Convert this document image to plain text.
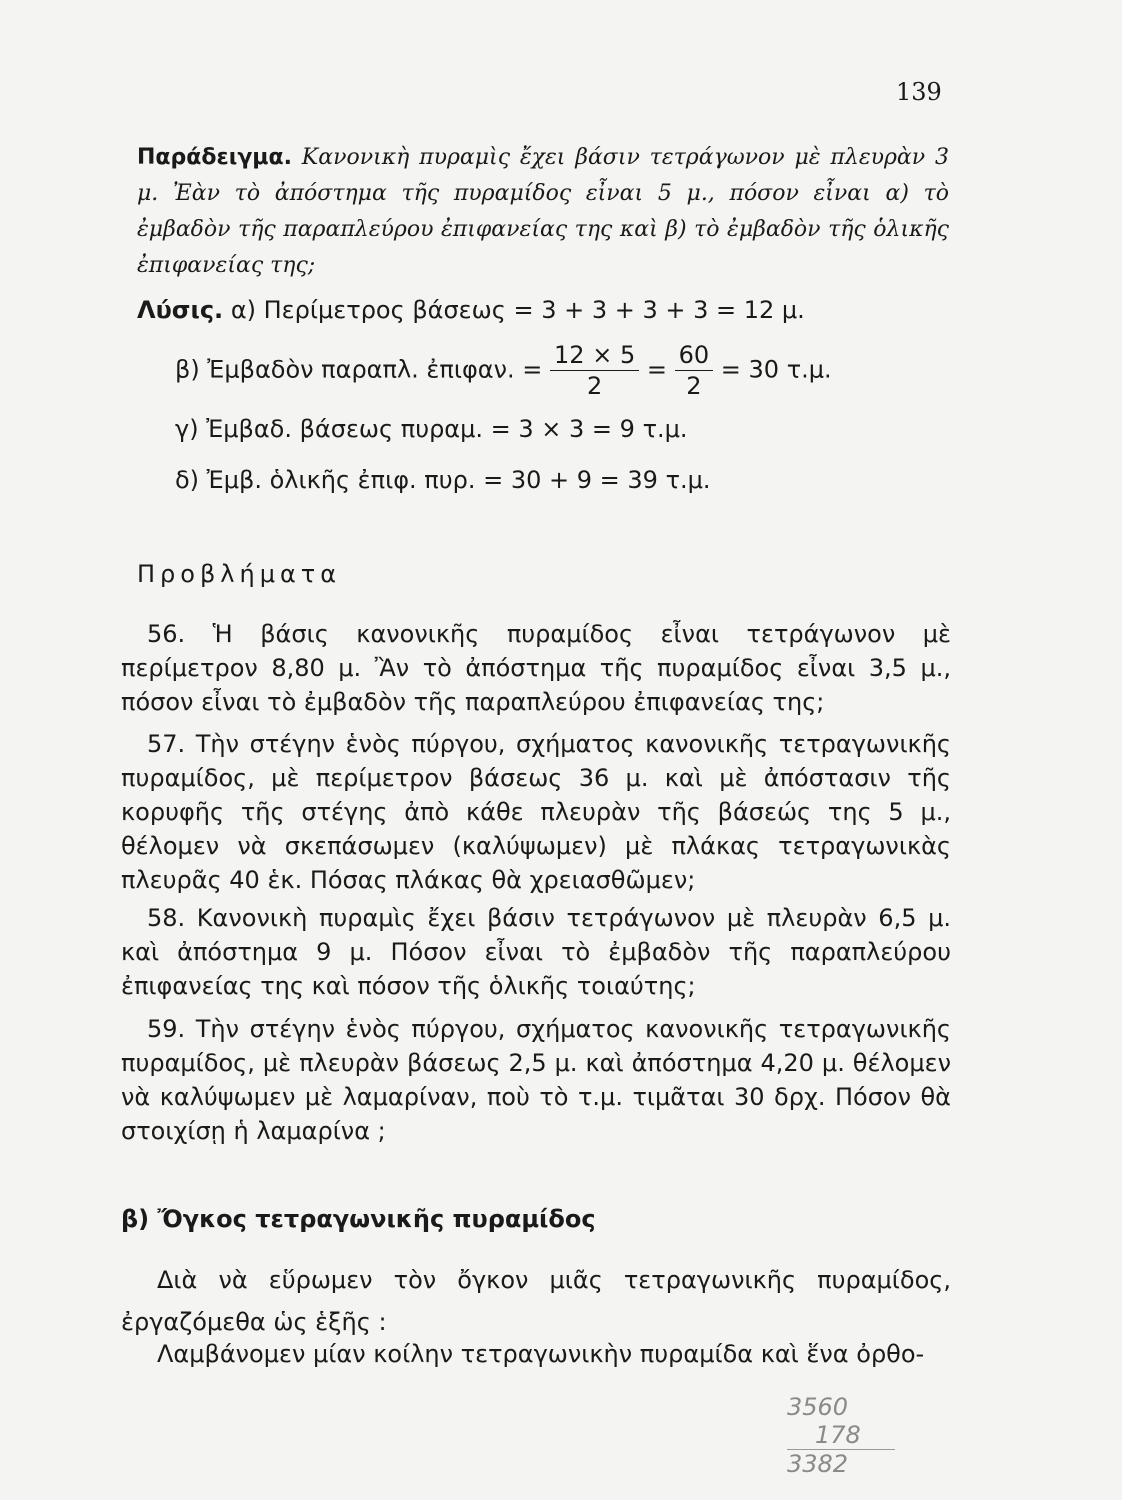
139
Παράδειγμα. Κανονικὴ πυραμὶς ἔχει βάσιν τετράγωνον μὲ πλευρὰν 3 μ. Ἐὰν τὸ ἀπόστημα τῆς πυραμίδος εἶναι 5 μ., πόσον εἶναι α) τὸ ἐμβαδὸν τῆς παραπλεύρου ἐπιφανείας της καὶ β) τὸ ἐμβαδὸν τῆς ὁλικῆς ἐπιφανείας της;
Λύσις. α) Περίμετρος βάσεως = 3 + 3 + 3 + 3 = 12 μ.
β) Ἐμβαδὸν παραπλ. ἐπιφαν. = $\frac{12 \times 5}{2} = \frac{60}{2} = 30$ τ.μ.
γ) Ἐμβαδ. βάσεως πυραμ. = 3 × 3 = 9 τ.μ.
δ) Ἐμβ. ὁλικῆς ἐπιφ. πυρ. = 30 + 9 = 39 τ.μ.
Προβλήματα
56. Ἡ βάσις κανονικῆς πυραμίδος εἶναι τετράγωνον μὲ περίμετρον 8,80 μ. Ἂν τὸ ἀπόστημα τῆς πυραμίδος εἶναι 3,5 μ., πόσον εἶναι τὸ ἐμβαδὸν τῆς παραπλεύρου ἐπιφανείας της;
57. Τὴν στέγην ἑνὸς πύργου, σχήματος κανονικῆς τετραγωνικῆς πυραμίδος, μὲ περίμετρον βάσεως 36 μ. καὶ μὲ ἀπόστασιν τῆς κορυφῆς τῆς στέγης ἀπὸ κάθε πλευρὰν τῆς βάσεώς της 5 μ., θέλομεν νὰ σκεπάσωμεν (καλύψωμεν) μὲ πλάκας τετραγωνικὰς πλευρᾶς 40 ἑκ. Πόσας πλάκας θὰ χρειασθῶμεν;
58. Κανονικὴ πυραμὶς ἔχει βάσιν τετράγωνον μὲ πλευρὰν 6,5 μ. καὶ ἀπόστημα 9 μ. Πόσον εἶναι τὸ ἐμβαδὸν τῆς παραπλεύρου ἐπιφανείας της καὶ πόσον τῆς ὁλικῆς τοιαύτης;
59. Τὴν στέγην ἑνὸς πύργου, σχήματος κανονικῆς τετραγωνικῆς πυραμίδος, μὲ πλευρὰν βάσεως 2,5 μ. καὶ ἀπόστημα 4,20 μ. θέλομεν νὰ καλύψωμεν μὲ λαμαρίναν, ποὺ τὸ τ.μ. τιμᾶται 30 δρχ. Πόσον θὰ στοιχίσῃ ἡ λαμαρίνα ;
β) Ὄγκος τετραγωνικῆς πυραμίδος
Διὰ νὰ εὕρωμεν τὸν ὄγκον μιᾶς τετραγωνικῆς πυραμίδος, ἐργαζόμεθα ὡς ἑξῆς :
Λαμβάνομεν μίαν κοίλην τετραγωνικὴν πυραμίδα καὶ ἕνα ὀρθο-
3560
178
3382
